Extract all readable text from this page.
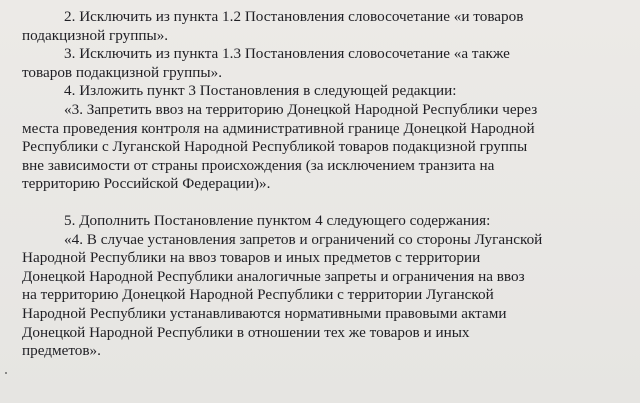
2. Исключить из пункта 1.2 Постановления словосочетание «и товаров
подакцизной группы».

3. Исключить из пункта 1.3 Постановления словосочетание «а также
товаров подакцизной группы».

4. Изложить пункт 3 Постановления в следующей редакции:

«3. Запретить ввоз на территорию Донецкой Народной Республики через
места проведения контроля на административной границе Донецкой Народной
Республики с Луганской Народной Республикой товаров подакцизной группы
вне зависимости от страны происхождения (за исключением транзита на
территорию Российской Федерации)».

5. Дополнить Постановление пунктом 4 следующего содержания:

«4. В случае установления запретов и ограничений со стороны Луганской
Народной Республики на ввоз товаров и иных предметов с территории
Донецкой Народной Республики аналогичные запреты и ограничения на ввоз
на территорию Донецкой Народной Республики с территории Луганской
Народной Республики устанавливаются нормативными правовыми актами
Донецкой Народной Республики в отношении тех же товаров и иных
предметов».
